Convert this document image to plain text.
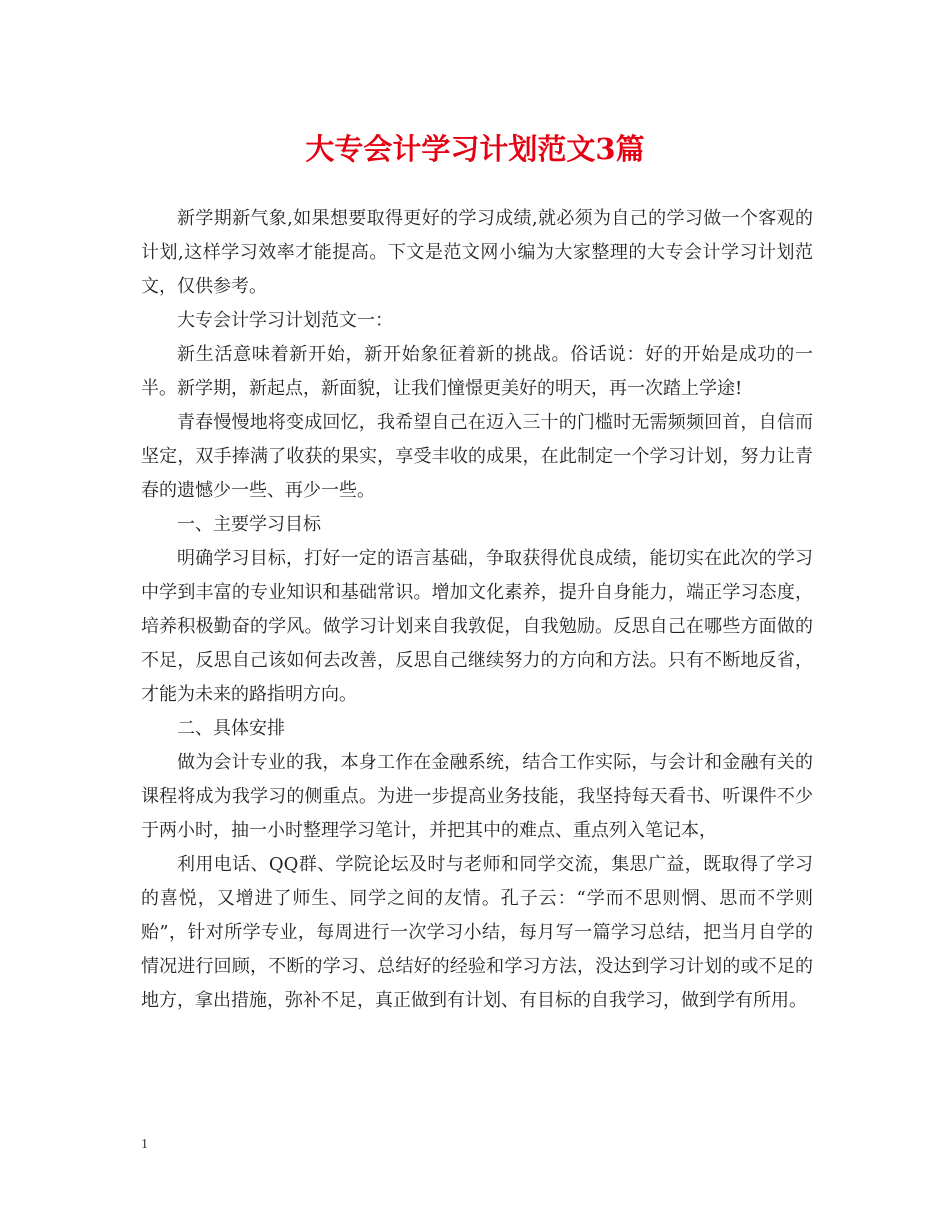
大专会计学习计划范文3篇

新学期新气象,如果想要取得更好的学习成绩,就必须为自己的学习做一个客观的计划,这样学习效率才能提高。下文是范文网小编为大家整理的大专会计学习计划范文，仅供参考。

大专会计学习计划范文一：

新生活意味着新开始，新开始象征着新的挑战。俗话说：好的开始是成功的一半。新学期，新起点，新面貌，让我们憧憬更美好的明天，再一次踏上学途!

青春慢慢地将变成回忆，我希望自己在迈入三十的门槛时无需频频回首，自信而坚定，双手捧满了收获的果实，享受丰收的成果，在此制定一个学习计划，努力让青春的遗憾少一些、再少一些。

一、主要学习目标

明确学习目标，打好一定的语言基础，争取获得优良成绩，能切实在此次的学习中学到丰富的专业知识和基础常识。增加文化素养，提升自身能力，端正学习态度，培养积极勤奋的学风。做学习计划来自我敦促，自我勉励。反思自己在哪些方面做的不足，反思自己该如何去改善，反思自己继续努力的方向和方法。只有不断地反省，才能为未来的路指明方向。

二、具体安排

做为会计专业的我，本身工作在金融系统，结合工作实际，与会计和金融有关的课程将成为我学习的侧重点。为进一步提高业务技能，我坚持每天看书、听课件不少于两小时，抽一小时整理学习笔计，并把其中的难点、重点列入笔记本，

利用电话、QQ群、学院论坛及时与老师和同学交流，集思广益，既取得了学习的喜悦，又增进了师生、同学之间的友情。孔子云：“学而不思则惘、思而不学则贻”，针对所学专业，每周进行一次学习小结，每月写一篇学习总结，把当月自学的情况进行回顾，不断的学习、总结好的经验和学习方法，没达到学习计划的或不足的地方，拿出措施，弥补不足，真正做到有计划、有目标的自我学习，做到学有所用。

1
